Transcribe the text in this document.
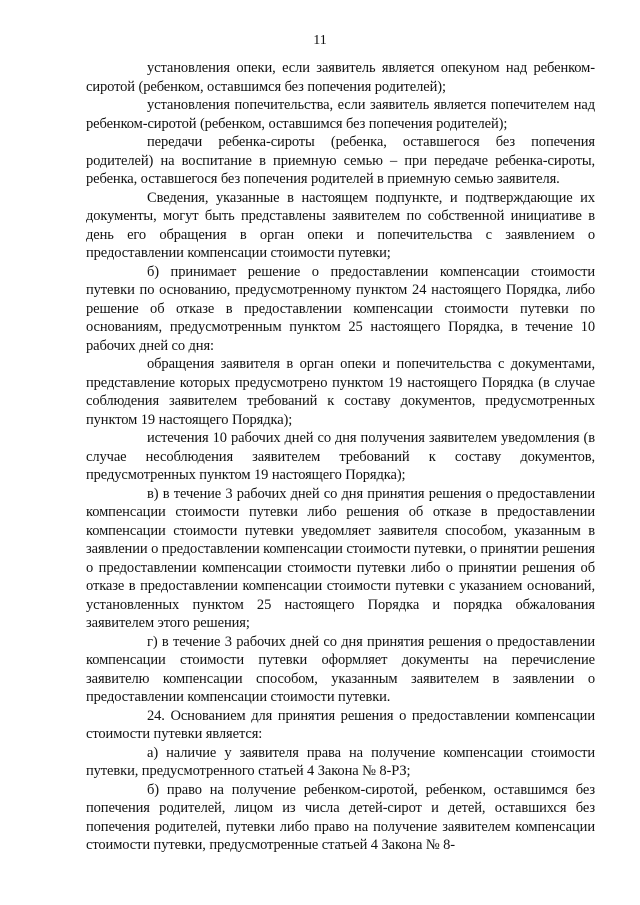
11

установления опеки, если заявитель является опекуном над ребенком- сиротой (ребенком, оставшимся без попечения родителей);

установления попечительства, если заявитель является попечителем над ребенком-сиротой (ребенком, оставшимся без попечения родителей);

передачи ребенка-сироты (ребенка, оставшегося без попечения родителей) на воспитание в приемную семью – при передаче ребенка-сироты, ребенка, оставшегося без попечения родителей в приемную семью заявителя.

Сведения, указанные в настоящем подпункте, и подтверждающие их документы, могут быть представлены заявителем по собственной инициативе в день его обращения в орган опеки и попечительства с заявлением о предоставлении компенсации стоимости путевки;

б) принимает решение о предоставлении компенсации стоимости путевки по основанию, предусмотренному пунктом 24 настоящего Порядка, либо решение об отказе в предоставлении компенсации стоимости путевки по основаниям, предусмотренным пунктом 25 настоящего Порядка, в течение 10 рабочих дней со дня:

обращения заявителя в орган опеки и попечительства с документами, представление которых предусмотрено пунктом 19 настоящего Порядка (в случае соблюдения заявителем требований к составу документов, предусмотренных пунктом 19 настоящего Порядка);

истечения 10 рабочих дней со дня получения заявителем уведомления (в случае несоблюдения заявителем требований к составу документов, предусмотренных пунктом 19 настоящего Порядка);

в) в течение 3 рабочих дней со дня принятия решения о предоставлении компенсации стоимости путевки либо решения об отказе в предоставлении компенсации стоимости путевки уведомляет заявителя способом, указанным в заявлении о предоставлении компенсации стоимости путевки, о принятии решения о предоставлении компенсации стоимости путевки либо о принятии решения об отказе в предоставлении компенсации стоимости путевки с указанием оснований, установленных пунктом 25 настоящего Порядка и порядка обжалования заявителем этого решения;

г) в течение 3 рабочих дней со дня принятия решения о предоставлении компенсации стоимости путевки оформляет документы на перечисление заявителю компенсации способом, указанным заявителем в заявлении о предоставлении компенсации стоимости путевки.

24. Основанием для принятия решения о предоставлении компенсации стоимости путевки является:

а) наличие у заявителя права на получение компенсации стоимости путевки, предусмотренного статьей 4 Закона № 8-РЗ;

б) право на получение ребенком-сиротой, ребенком, оставшимся без попечения родителей, лицом из числа детей-сирот и детей, оставшихся без попечения родителей, путевки либо право на получение заявителем компенсации стоимости путевки, предусмотренные статьей 4 Закона № 8-
